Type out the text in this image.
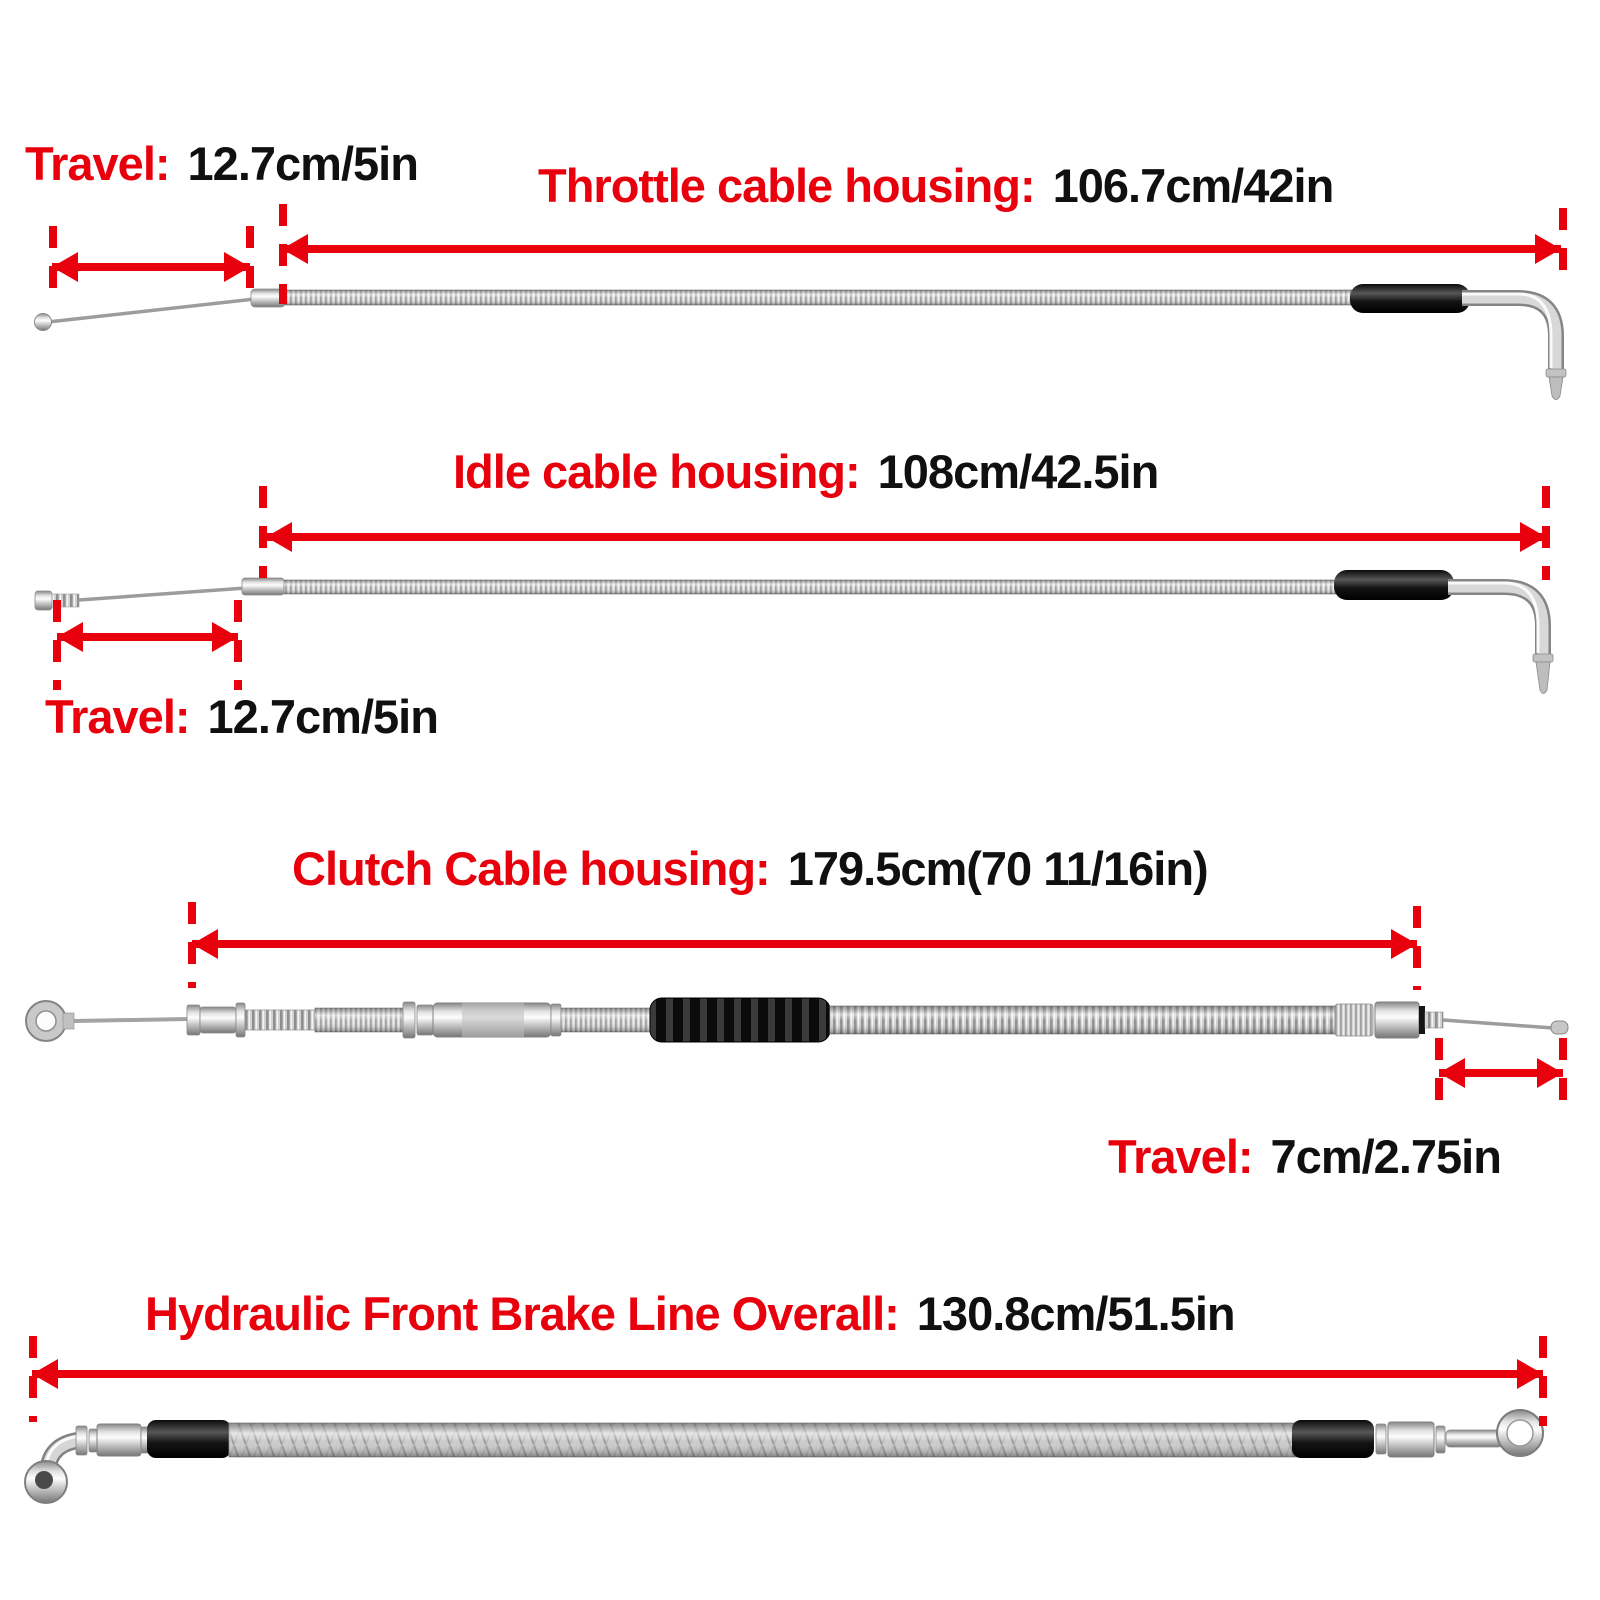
Travel: 12.7cm/5in	Throttle cable housing: 106.7cm/42in
Idle cable housing: 108cm/42.5in
Travel: 12.7cm/5in
Clutch Cable housing: 179.5cm(70 11/16in)
Travel: 7cm/2.75in
Hydraulic Front Brake Line Overall: 130.8cm/51.5in
